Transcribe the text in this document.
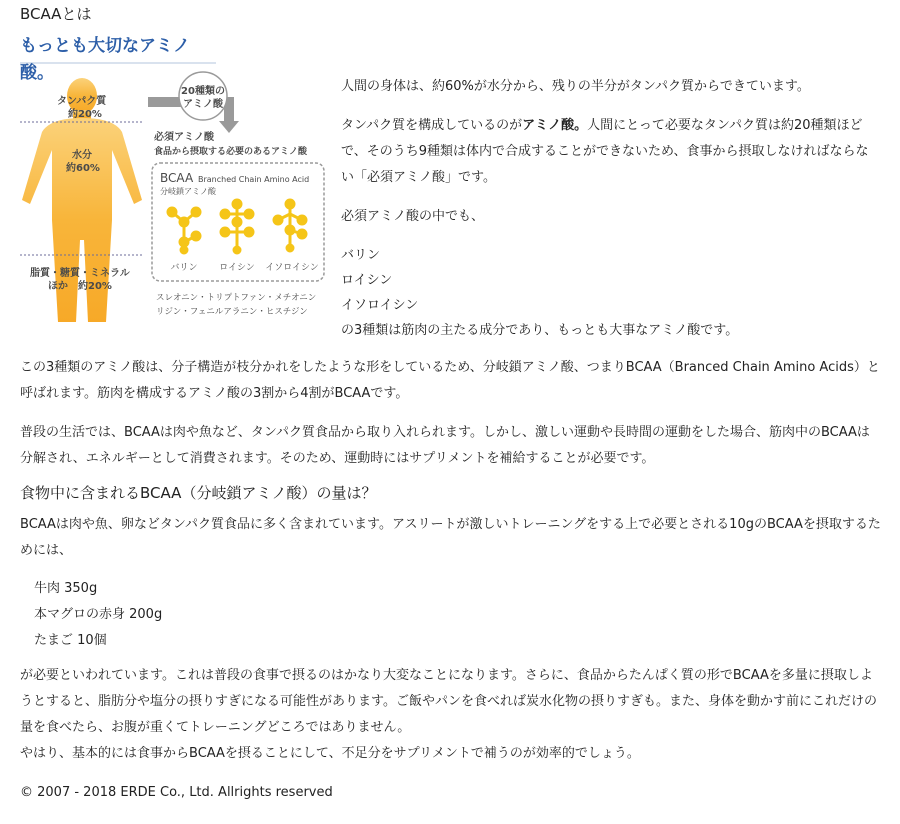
BCAAとは
もっとも大切なアミノ酸。
タンパク質
約20%
水分
約60%
脂質・糖質・ミネラル
ほか　約20%
20種類の
アミノ酸
必須アミノ酸
食品から摂取する必要のあるアミノ酸
BCAA Branched Chain Amino Acid
分岐鎖アミノ酸
バリン ロイシン イソロイシン
スレオニン・トリプトファン・メチオニン
リジン・フェニルアラニン・ヒスチジン

人間の身体は、約60%が水分から、残りの半分がタンパク質からできています。

タンパク質を構成しているのがアミノ酸。人間にとって必要なタンパク質は約20種類ほどで、そのうち9種類は体内で合成することができないため、食事から摂取しなければならない「必須アミノ酸」です。

必須アミノ酸の中でも、

バリン
ロイシン
イソロイシン
の3種類は筋肉の主たる成分であり、もっとも大事なアミノ酸です。

この3種類のアミノ酸は、分子構造が枝分かれをしたような形をしているため、分岐鎖アミノ酸、つまりBCAA（Branced Chain Amino Acids）と呼ばれます。筋肉を構成するアミノ酸の3割から4割がBCAAです。

普段の生活では、BCAAは肉や魚など、タンパク質食品から取り入れられます。しかし、激しい運動や長時間の運動をした場合、筋肉中のBCAAは分解され、エネルギーとして消費されます。そのため、運動時にはサプリメントを補給することが必要です。

食物中に含まれるBCAA（分岐鎖アミノ酸）の量は？

BCAAは肉や魚、卵などタンパク質食品に多く含まれています。アスリートが激しいトレーニングをする上で必要とされる10gのBCAAを摂取するためには、

牛肉 350g
本マグロの赤身 200g
たまご 10個

が必要といわれています。これは普段の食事で摂るのはかなり大変なことになります。さらに、食品からたんぱく質の形でBCAAを多量に摂取しようとすると、脂肪分や塩分の摂りすぎになる可能性があります。ご飯やパンを食べれば炭水化物の摂りすぎも。また、身体を動かす前にこれだけの量を食べたら、お腹が重くてトレーニングどころではありません。

やはり、基本的には食事からBCAAを摂ることにして、不足分をサプリメントで補うのが効率的でしょう。

© 2007 - 2018 ERDE Co., Ltd. Allrights reserved
